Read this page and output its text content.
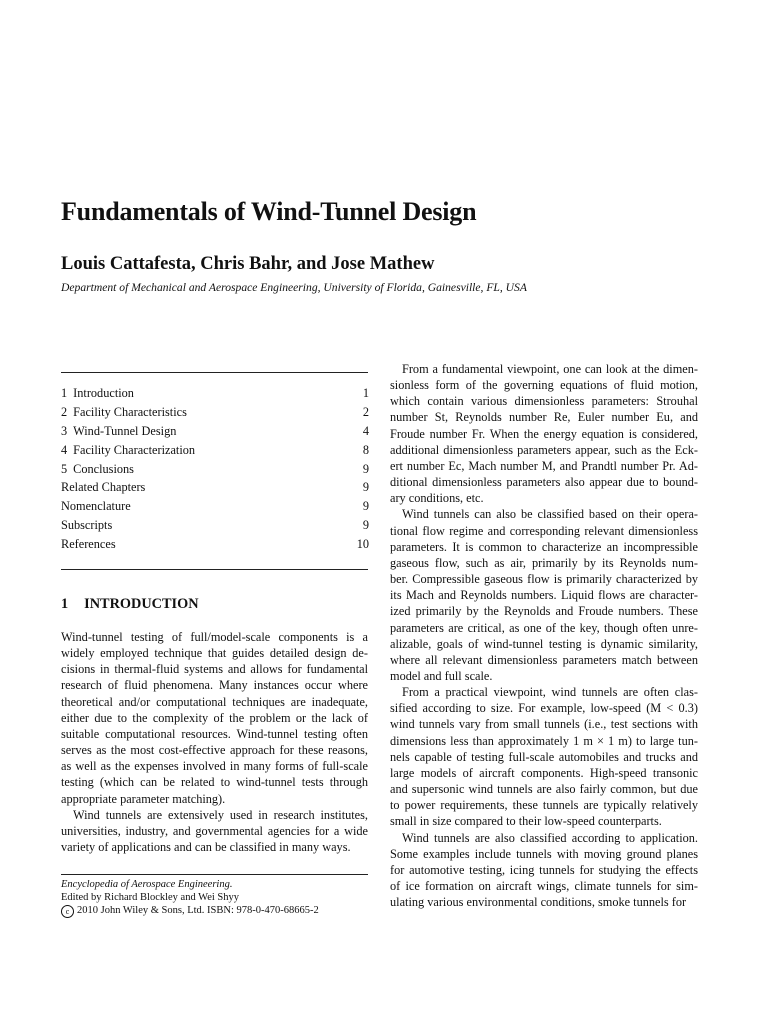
Fundamentals of Wind-Tunnel Design
Louis Cattafesta, Chris Bahr, and Jose Mathew
Department of Mechanical and Aerospace Engineering, University of Florida, Gainesville, FL, USA
1 Introduction	1
2 Facility Characteristics	2
3 Wind-Tunnel Design	4
4 Facility Characterization	8
5 Conclusions	9
Related Chapters	9
Nomenclature	9
Subscripts	9
References	10
1 INTRODUCTION

Wind-tunnel testing of full/model-scale components is a
widely employed technique that guides detailed design de-
cisions in thermal-fluid systems and allows for fundamental
research of fluid phenomena. Many instances occur where
theoretical and/or computational techniques are inadequate,
either due to the complexity of the problem or the lack of
suitable computational resources. Wind-tunnel testing often
serves as the most cost-effective approach for these reasons,
as well as the expenses involved in many forms of full-scale
testing (which can be related to wind-tunnel tests through
appropriate parameter matching).

Wind tunnels are extensively used in research institutes,
universities, industry, and governmental agencies for a wide
variety of applications and can be classified in many ways.

From a fundamental viewpoint, one can look at the dimen-
sionless form of the governing equations of fluid motion,
which contain various dimensionless parameters: Strouhal
number St, Reynolds number Re, Euler number Eu, and
Froude number Fr. When the energy equation is considered,
additional dimensionless parameters appear, such as the Eck-
ert number Ec, Mach number M, and Prandtl number Pr. Ad-
ditional dimensionless parameters also appear due to bound-
ary conditions, etc.

Wind tunnels can also be classified based on their opera-
tional flow regime and corresponding relevant dimensionless
parameters. It is common to characterize an incompressible
gaseous flow, such as air, primarily by its Reynolds num-
ber. Compressible gaseous flow is primarily characterized by
its Mach and Reynolds numbers. Liquid flows are character-
ized primarily by the Reynolds and Froude numbers. These
parameters are critical, as one of the key, though often unre-
alizable, goals of wind-tunnel testing is dynamic similarity,
where all relevant dimensionless parameters match between
model and full scale.

From a practical viewpoint, wind tunnels are often clas-
sified according to size. For example, low-speed (M < 0.3)
wind tunnels vary from small tunnels (i.e., test sections with
dimensions less than approximately 1 m × 1 m) to large tun-
nels capable of testing full-scale automobiles and trucks and
large models of aircraft components. High-speed transonic
and supersonic wind tunnels are also fairly common, but due
to power requirements, these tunnels are typically relatively
small in size compared to their low-speed counterparts.

Wind tunnels are also classified according to application.
Some examples include tunnels with moving ground planes
for automotive testing, icing tunnels for studying the effects
of ice formation on aircraft wings, climate tunnels for sim-
ulating various environmental conditions, smoke tunnels for

Encyclopedia of Aerospace Engineering.
Edited by Richard Blockley and Wei Shyy
c 2010 John Wiley & Sons, Ltd. ISBN: 978-0-470-68665-2
